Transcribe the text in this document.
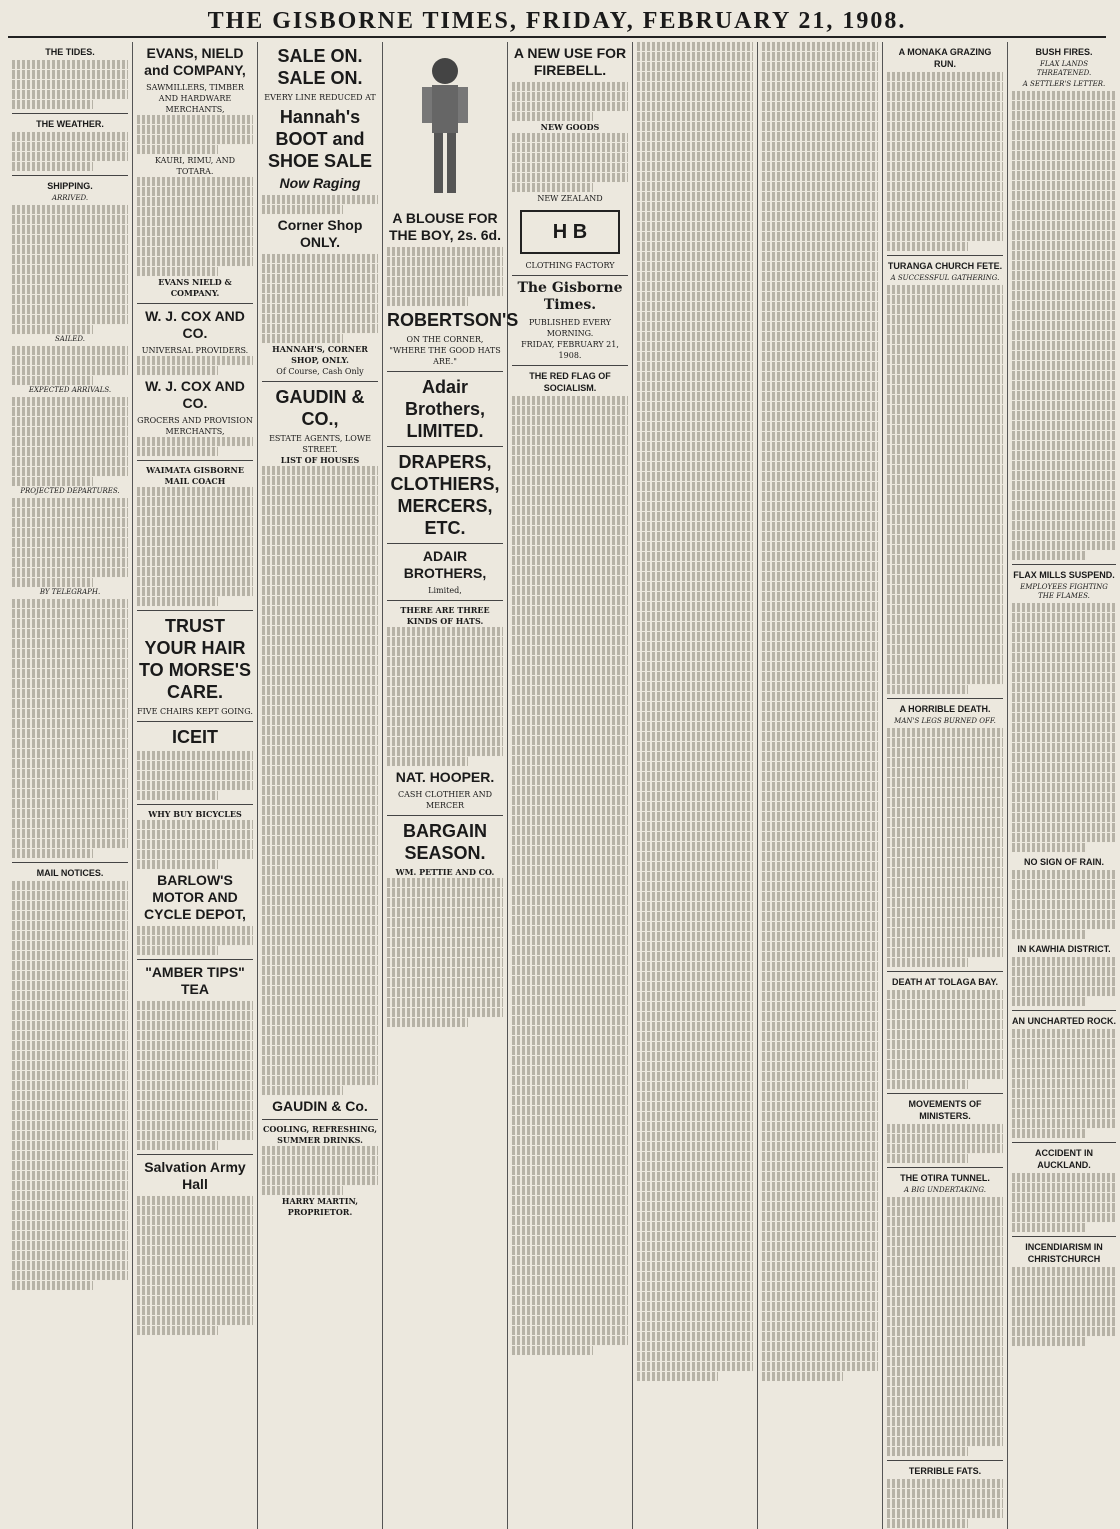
THE GISBORNE TIMES, FRIDAY, FEBRUARY 21, 1908.
THE TIDES.
THE WEATHER.
SHIPPING.
ARRIVED.
SAILED.
EXPECTED ARRIVALS.
PROJECTED DEPARTURES.
BY TELEGRAPH.
MAIL NOTICES.
EVANS, NIELD and COMPANY,
SAWMILLERS, TIMBER AND HARDWARE MERCHANTS,
KAURI, RIMU, AND TOTARA.
EVANS NIELD & COMPANY.
W. J. COX AND CO.
UNIVERSAL PROVIDERS.
W. J. COX AND CO.
GROCERS AND PROVISION MERCHANTS,
WAIMATA GISBORNE MAIL COACH
TRUST YOUR HAIR TO MORSE'S CARE.
FIVE CHAIRS KEPT GOING.
ICEIT
WHY BUY BICYCLES
BARLOW'S MOTOR AND CYCLE DEPOT,
"AMBER TIPS" TEA
Salvation Army Hall
SALE ON. SALE ON.
EVERY LINE REDUCED AT
Hannah's BOOT and SHOE SALE
Now Raging
Corner Shop ONLY.
HANNAH'S, CORNER SHOP, ONLY.
Of Course, Cash Only
GAUDIN & CO.,
ESTATE AGENTS, LOWE STREET.
LIST OF HOUSES
GAUDIN & Co.
COOLING, REFRESHING, SUMMER DRINKS.
HARRY MARTIN, PROPRIETOR.
A BLOUSE FOR THE BOY, 2s. 6d.
ROBERTSON'S
ON THE CORNER, "WHERE THE GOOD HATS ARE."
Adair Brothers, LIMITED.
DRAPERS, CLOTHIERS, MERCERS, ETC.
ADAIR BROTHERS,
Limited,
THERE ARE THREE KINDS OF HATS.
NAT. HOOPER.
CASH CLOTHIER AND MERCER
BARGAIN SEASON.
WM. PETTIE AND CO.
A NEW USE FOR FIREBELL.
NEW GOODS
NEW ZEALAND
H B
CLOTHING FACTORY
The Gisborne Times.
PUBLISHED EVERY MORNING.
FRIDAY, FEBRUARY 21, 1908.
THE RED FLAG OF SOCIALISM.
A MONAKA GRAZING RUN.
TURANGA CHURCH FETE.
A SUCCESSFUL GATHERING.
A HORRIBLE DEATH.
MAN'S LEGS BURNED OFF.
DEATH AT TOLAGA BAY.
MOVEMENTS OF MINISTERS.
THE OTIRA TUNNEL.
A BIG UNDERTAKING.
TERRIBLE FATS.
BUSH FIRES.
FLAX LANDS THREATENED.
A SETTLER'S LETTER.
FLAX MILLS SUSPEND.
EMPLOYEES FIGHTING THE FLAMES.
NO SIGN OF RAIN.
IN KAWHIA DISTRICT.
AN UNCHARTED ROCK.
ACCIDENT IN AUCKLAND.
INCENDIARISM IN CHRISTCHURCH
